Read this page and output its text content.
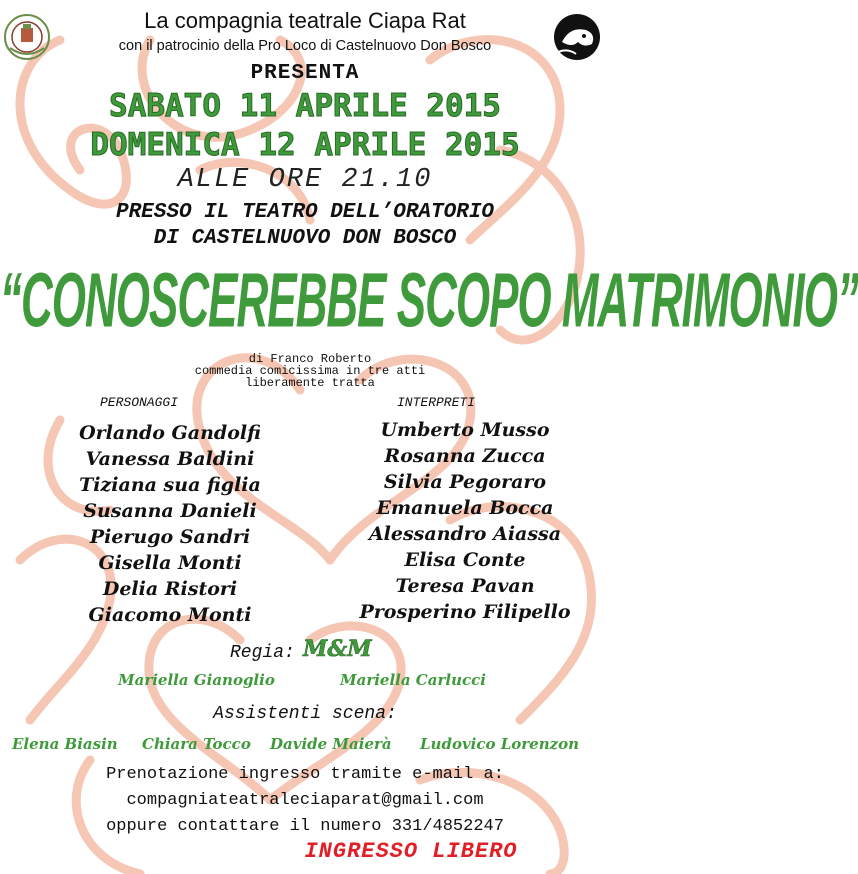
La compagnia teatrale Ciapa Rat
con il patrocinio della Pro Loco di Castelnuovo Don Bosco
PRESENTA
SABATO 11 APRILE 2015
DOMENICA 12 APRILE 2015
ALLE ORE 21.10
PRESSO IL TEATRO DELL’ORATORIO
DI CASTELNUOVO DON BOSCO
“CONOSCEREBBE SCOPO MATRIMONIO”
di Franco Roberto
commedia comicissima in tre atti
liberamente tratta
PERSONAGGI	INTERPRETI
Orlando Gandolfi
Vanessa Baldini
Tiziana sua figlia
Susanna Danieli
Pierugo Sandri
Gisella Monti
Delia Ristori
Giacomo Monti
Umberto Musso
Rosanna Zucca
Silvia Pegoraro
Emanuela Bocca
Alessandro Aiassa
Elisa Conte
Teresa Pavan
Prosperino Filipello
Regia: M&M
Mariella Gianoglio	Mariella Carlucci
Assistenti scena:
Elena Biasin Chiara Tocco Davide Maierà Ludovico Lorenzon
Prenotazione ingresso tramite e-mail a:
compagniateatraleciaparat@gmail.com
oppure contattare il numero 331/4852247
INGRESSO LIBERO
